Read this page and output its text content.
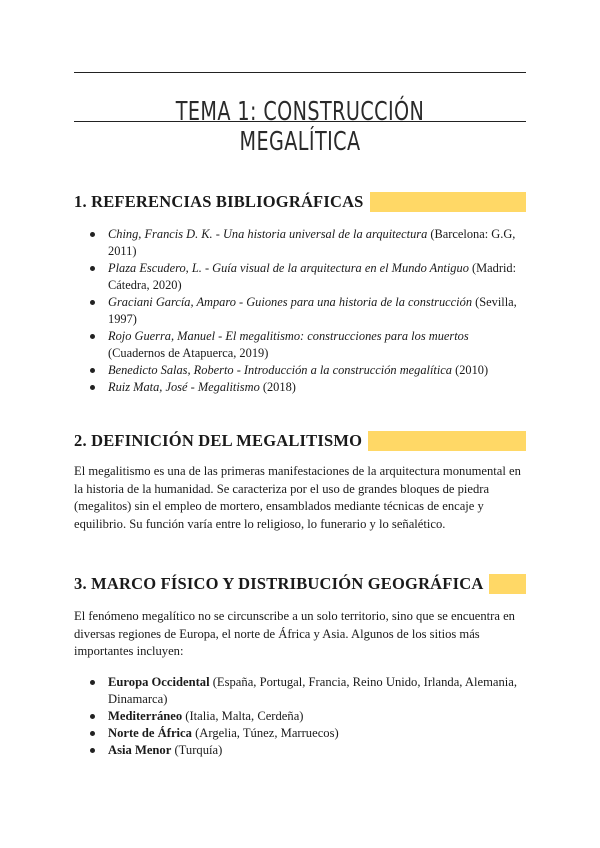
TEMA 1: CONSTRUCCIÓN MEGALÍTICA
1. REFERENCIAS BIBLIOGRÁFICAS
Ching, Francis D. K. - Una historia universal de la arquitectura (Barcelona: G.G, 2011)
Plaza Escudero, L. - Guía visual de la arquitectura en el Mundo Antiguo (Madrid: Cátedra, 2020)
Graciani García, Amparo - Guiones para una historia de la construcción (Sevilla, 1997)
Rojo Guerra, Manuel - El megalitismo: construcciones para los muertos (Cuadernos de Atapuerca, 2019)
Benedicto Salas, Roberto - Introducción a la construcción megalítica (2010)
Ruiz Mata, José - Megalitismo (2018)
2. DEFINICIÓN DEL MEGALITISMO

El megalitismo es una de las primeras manifestaciones de la arquitectura monumental en la historia de la humanidad. Se caracteriza por el uso de grandes bloques de piedra (megalitos) sin el empleo de mortero, ensamblados mediante técnicas de encaje y equilibrio. Su función varía entre lo religioso, lo funerario y lo señalético.

3. MARCO FÍSICO Y DISTRIBUCIÓN GEOGRÁFICA

El fenómeno megalítico no se circunscribe a un solo territorio, sino que se encuentra en diversas regiones de Europa, el norte de África y Asia. Algunos de los sitios más importantes incluyen:

Europa Occidental (España, Portugal, Francia, Reino Unido, Irlanda, Alemania, Dinamarca)
Mediterráneo (Italia, Malta, Cerdeña)
Norte de África (Argelia, Túnez, Marruecos)
Asia Menor (Turquía)
